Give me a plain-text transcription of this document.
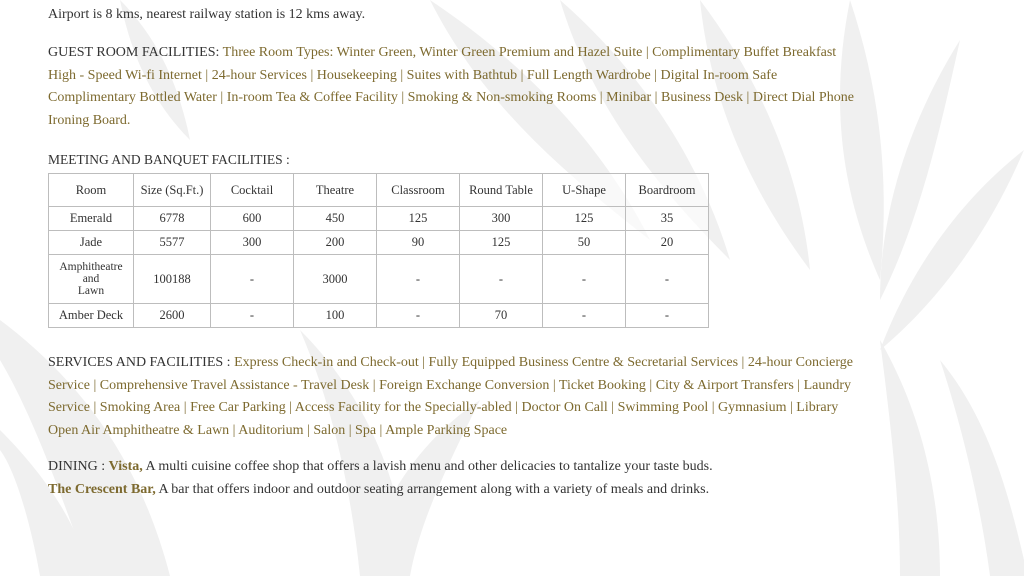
Airport is 8 kms, nearest railway station is 12 kms away.

GUEST ROOM FACILITIES: Three Room Types: Winter Green, Winter Green Premium and Hazel Suite | Complimentary Buffet Breakfast

High - Speed Wi-fi Internet | 24-hour Services | Housekeeping | Suites with Bathtub | Full Length Wardrobe | Digital In-room Safe

Complimentary Bottled Water | In-room Tea & Coffee Facility | Smoking & Non-smoking Rooms | Minibar | Business Desk | Direct Dial Phone

Ironing Board.

MEETING AND BANQUET FACILITIES :

Room	Size (Sq.Ft.)	Cocktail	Theatre	Classroom	Round Table	U-Shape	Boardroom
Emerald	6778	600	450	125	300	125	35
Jade	5577	300	200	90	125	50	20
Amphitheatre
and
Lawn	100188	-	3000	-	-	-	-
Amber Deck	2600	-	100	-	70	-	-

SERVICES AND FACILITIES : Express Check-in and Check-out | Fully Equipped Business Centre & Secretarial Services | 24-hour Concierge

Service | Comprehensive Travel Assistance - Travel Desk | Foreign Exchange Conversion | Ticket Booking | City & Airport Transfers | Laundry

Service | Smoking Area | Free Car Parking | Access Facility for the Specially-abled | Doctor On Call | Swimming Pool | Gymnasium | Library

Open Air Amphitheatre & Lawn | Auditorium | Salon | Spa | Ample Parking Space

DINING : Vista, A multi cuisine coffee shop that offers a lavish menu and other delicacies to tantalize your taste buds.

The Crescent Bar, A bar that offers indoor and outdoor seating arrangement along with a variety of meals and drinks.
